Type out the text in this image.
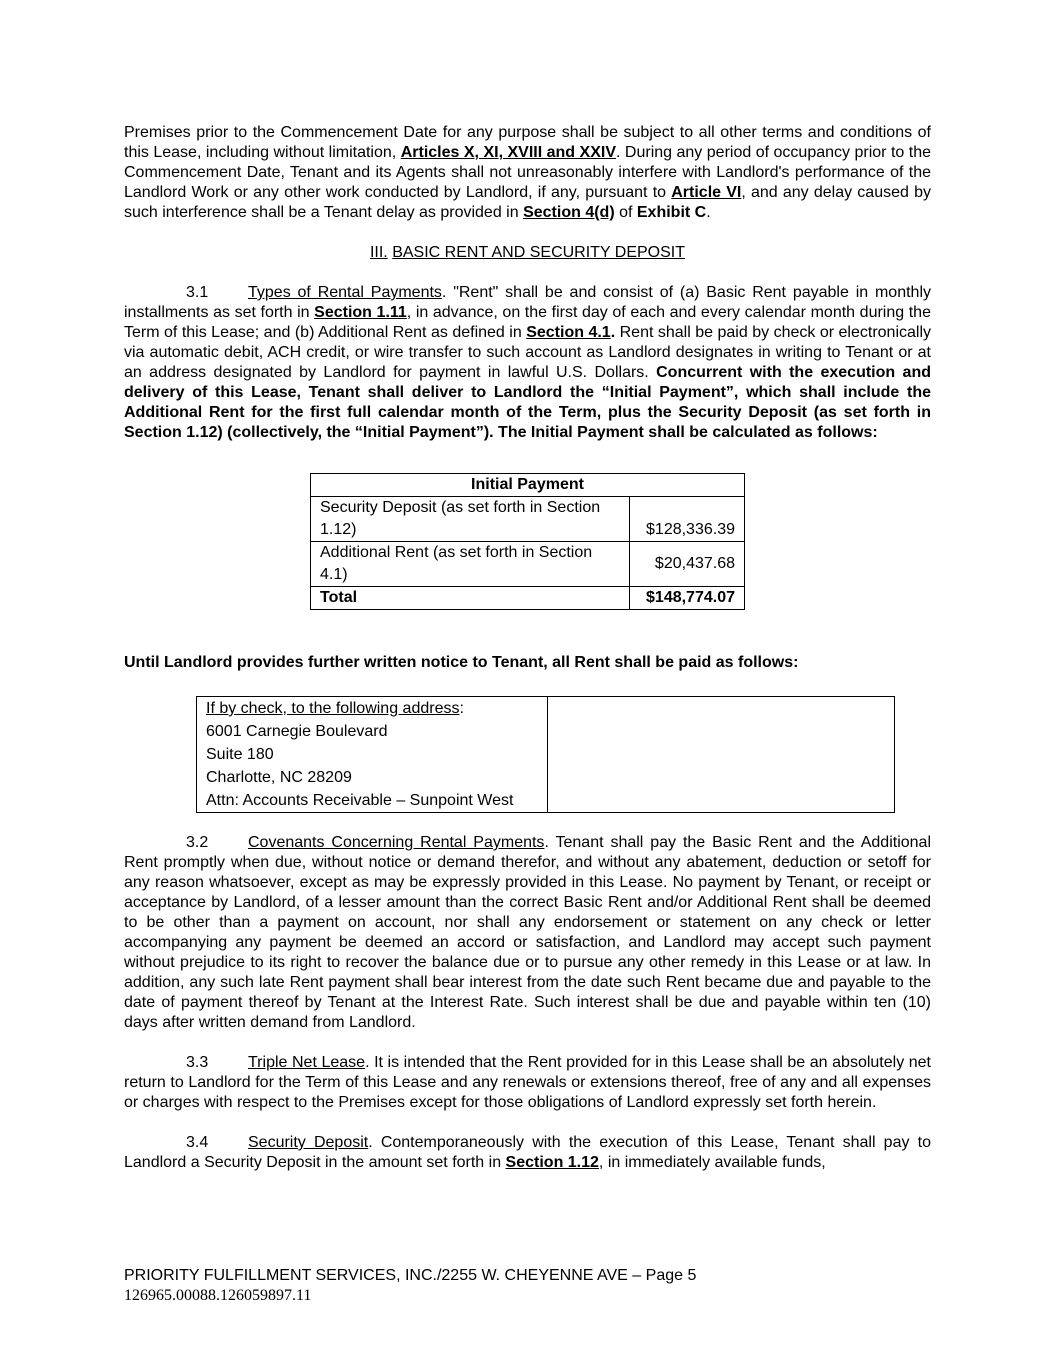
Premises prior to the Commencement Date for any purpose shall be subject to all other terms and conditions of this Lease, including without limitation, Articles X, XI, XVIII and XXIV. During any period of occupancy prior to the Commencement Date, Tenant and its Agents shall not unreasonably interfere with Landlord's performance of the Landlord Work or any other work conducted by Landlord, if any, pursuant to Article VI, and any delay caused by such interference shall be a Tenant delay as provided in Section 4(d) of Exhibit C.

III. BASIC RENT AND SECURITY DEPOSIT

3.1 Types of Rental Payments. "Rent" shall be and consist of (a) Basic Rent payable in monthly installments as set forth in Section 1.11, in advance, on the first day of each and every calendar month during the Term of this Lease; and (b) Additional Rent as defined in Section 4.1. Rent shall be paid by check or electronically via automatic debit, ACH credit, or wire transfer to such account as Landlord designates in writing to Tenant or at an address designated by Landlord for payment in lawful U.S. Dollars. Concurrent with the execution and delivery of this Lease, Tenant shall deliver to Landlord the “Initial Payment”, which shall include the Additional Rent for the first full calendar month of the Term, plus the Security Deposit (as set forth in Section 1.12) (collectively, the “Initial Payment”). The Initial Payment shall be calculated as follows:

Initial Payment	
Security Deposit (as set forth in Section 1.12)	$128,336.39
Additional Rent (as set forth in Section 4.1)	$20,437.68
Total	$148,774.07

Until Landlord provides further written notice to Tenant, all Rent shall be paid as follows:

If by check, to the following address:
6001 Carnegie Boulevard
Suite 180
Charlotte, NC 28209
Attn: Accounts Receivable – Sunpoint West

3.2 Covenants Concerning Rental Payments. Tenant shall pay the Basic Rent and the Additional Rent promptly when due, without notice or demand therefor, and without any abatement, deduction or setoff for any reason whatsoever, except as may be expressly provided in this Lease. No payment by Tenant, or receipt or acceptance by Landlord, of a lesser amount than the correct Basic Rent and/or Additional Rent shall be deemed to be other than a payment on account, nor shall any endorsement or statement on any check or letter accompanying any payment be deemed an accord or satisfaction, and Landlord may accept such payment without prejudice to its right to recover the balance due or to pursue any other remedy in this Lease or at law. In addition, any such late Rent payment shall bear interest from the date such Rent became due and payable to the date of payment thereof by Tenant at the Interest Rate. Such interest shall be due and payable within ten (10) days after written demand from Landlord.

3.3 Triple Net Lease. It is intended that the Rent provided for in this Lease shall be an absolutely net return to Landlord for the Term of this Lease and any renewals or extensions thereof, free of any and all expenses or charges with respect to the Premises except for those obligations of Landlord expressly set forth herein.

3.4 Security Deposit. Contemporaneously with the execution of this Lease, Tenant shall pay to Landlord a Security Deposit in the amount set forth in Section 1.12, in immediately available funds,

PRIORITY FULFILLMENT SERVICES, INC./2255 W. CHEYENNE AVE – Page 5
126965.00088.126059897.11
